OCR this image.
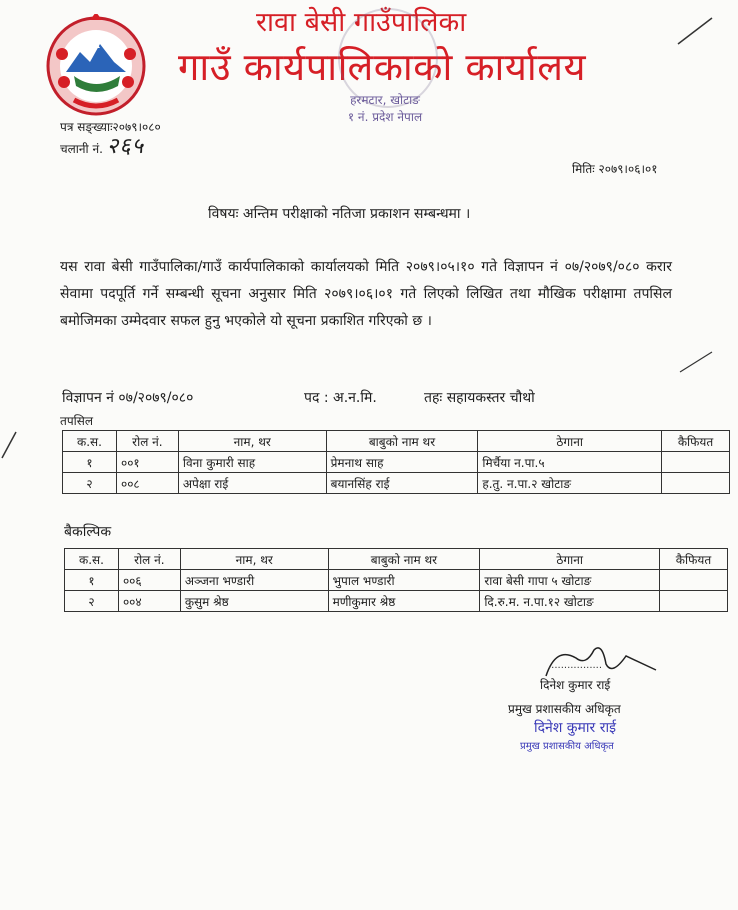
रावा बेसी गाउँपालिका
गाउँ कार्यपालिकाको कार्यालय
हरमटार, खोटाङ
१ नं. प्रदेश नेपाल
पत्र सङ्ख्याः२०७९।०८०
चलानी नं. २६५
मितिः २०७९।०६।०१
विषयः अन्तिम परीक्षाको नतिजा प्रकाशन सम्बन्धमा ।
यस रावा बेसी गाउँपालिका/गाउँ कार्यपालिकाको कार्यालयको मिति २०७९।०५।१० गते विज्ञापन नं ०७/२०७९/०८० करार सेवामा पदपूर्ति गर्ने सम्बन्धी सूचना अनुसार मिति २०७९।०६।०१ गते लिएको लिखित तथा मौखिक परीक्षामा तपसिल बमोजिमका उम्मेदवार सफल हुनु भएकोले यो सूचना प्रकाशित गरिएको छ ।
विज्ञापन नं ०७/२०७९/०८०	पद : अ.न.मि.	तहः सहायकस्तर चौथो
तपसिल
क.स.	रोल नं.	नाम, थर	बाबुको नाम थर	ठेगाना	कैफियत
१	००१	विना कुमारी साह	प्रेमनाथ साह	मिर्चैया न.पा.५	
२	००८	अपेक्षा राई	बयानसिंह राई	ह.तु. न.पा.२ खोटाङ	
बैकल्पिक
क.स.	रोल नं.	नाम, थर	बाबुको नाम थर	ठेगाना	कैफियत
१	००६	अञ्जना भण्डारी	भुपाल भण्डारी	रावा बेसी गापा ५ खोटाङ	
२	००४	कुसुम श्रेष्ठ	मणीकुमार श्रेष्ठ	दि.रु.म. न.पा.१२ खोटाङ	
.................
दिनेश कुमार राई
प्रमुख प्रशासकीय अधिकृत
दिनेश कुमार राई
प्रमुख प्रशासकीय अधिकृत
